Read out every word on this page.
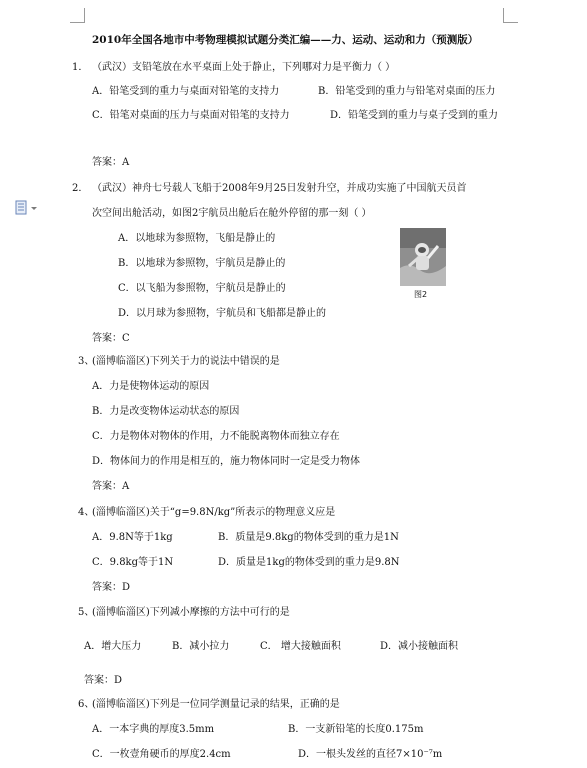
2010年全国各地市中考物理模拟试题分类汇编——力、运动、运动和力（预测版）
1． （武汉）支铅笔放在水平桌面上处于静止，下列哪对力是平衡力（ ）
A．铅笔受到的重力与桌面对铅笔的支持力	B．铅笔受到的重力与铅笔对桌面的压力
C．铅笔对桌面的压力与桌面对铅笔的支持力	D．铅笔受到的重力与桌子受到的重力
答案：A
2． （武汉）神舟七号载人飞船于2008年9月25日发射升空，并成功实施了中国航天员首
次空间出舱活动，如图2宇航员出舱后在舱外停留的那一刻（ ）
A．以地球为参照物，飞船是静止的
B．以地球为参照物，宇航员是静止的
C．以飞船为参照物，宇航员是静止的
D．以月球为参照物，宇航员和飞船都是静止的
答案：C
图2
3、
(淄博临淄区)下列关于力的说法中错误的是
A．力是使物体运动的原因
B．力是改变物体运动状态的原因
C．力是物体对物体的作用，力不能脱离物体而独立存在
D．物体间力的作用是相互的，施力物体同时一定是受力物体
答案：A
4、
(淄博临淄区)关于“g=9.8N/kg”所表示的物理意义应是
A．9.8N等于1kg	B．质量是9.8kg的物体受到的重力是1N
C．9.8kg等于1N	D．质量是1kg的物体受到的重力是9.8N
答案：D
5、
(淄博临淄区)下列减小摩擦的方法中可行的是
A．增大压力	B．减小拉力	C． 增大接触面积	D．减小接触面积
答案：D
6、
(淄博临淄区)下列是一位同学测量记录的结果，正确的是
A．一本字典的厚度3.5mm	B．一支新铅笔的长度0.175m
C．一枚壹角硬币的厚度2.4cm	D．一根头发丝的直径7×10⁻⁷m
